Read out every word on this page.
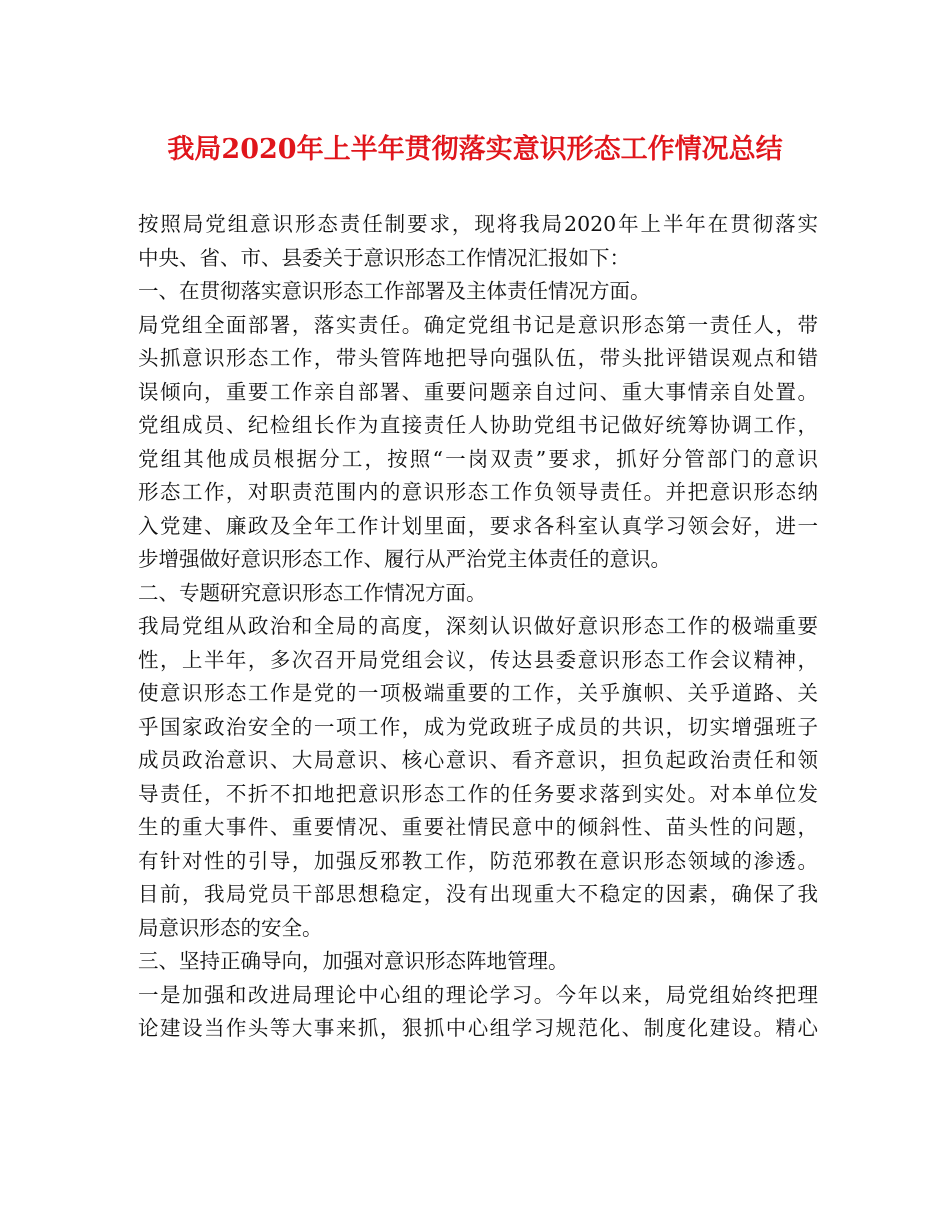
我局2020年上半年贯彻落实意识形态工作情况总结
按照局党组意识形态责任制要求，现将我局2020年上半年在贯彻落实
中央、省、市、县委关于意识形态工作情况汇报如下：
一、在贯彻落实意识形态工作部署及主体责任情况方面。
局党组全面部署，落实责任。确定党组书记是意识形态第一责任人，带
头抓意识形态工作，带头管阵地把导向强队伍，带头批评错误观点和错
误倾向，重要工作亲自部署、重要问题亲自过问、重大事情亲自处置。
党组成员、纪检组长作为直接责任人协助党组书记做好统筹协调工作，
党组其他成员根据分工，按照“一岗双责”要求，抓好分管部门的意识
形态工作，对职责范围内的意识形态工作负领导责任。并把意识形态纳
入党建、廉政及全年工作计划里面，要求各科室认真学习领会好，进一
步增强做好意识形态工作、履行从严治党主体责任的意识。
二、专题研究意识形态工作情况方面。
我局党组从政治和全局的高度，深刻认识做好意识形态工作的极端重要
性，上半年，多次召开局党组会议，传达县委意识形态工作会议精神，
使意识形态工作是党的一项极端重要的工作，关乎旗帜、关乎道路、关
乎国家政治安全的一项工作，成为党政班子成员的共识，切实增强班子
成员政治意识、大局意识、核心意识、看齐意识，担负起政治责任和领
导责任，不折不扣地把意识形态工作的任务要求落到实处。对本单位发
生的重大事件、重要情况、重要社情民意中的倾斜性、苗头性的问题，
有针对性的引导，加强反邪教工作，防范邪教在意识形态领域的渗透。
目前，我局党员干部思想稳定，没有出现重大不稳定的因素，确保了我
局意识形态的安全。
三、坚持正确导向，加强对意识形态阵地管理。
一是加强和改进局理论中心组的理论学习。今年以来，局党组始终把理
论建设当作头等大事来抓，狠抓中心组学习规范化、制度化建设。精心
